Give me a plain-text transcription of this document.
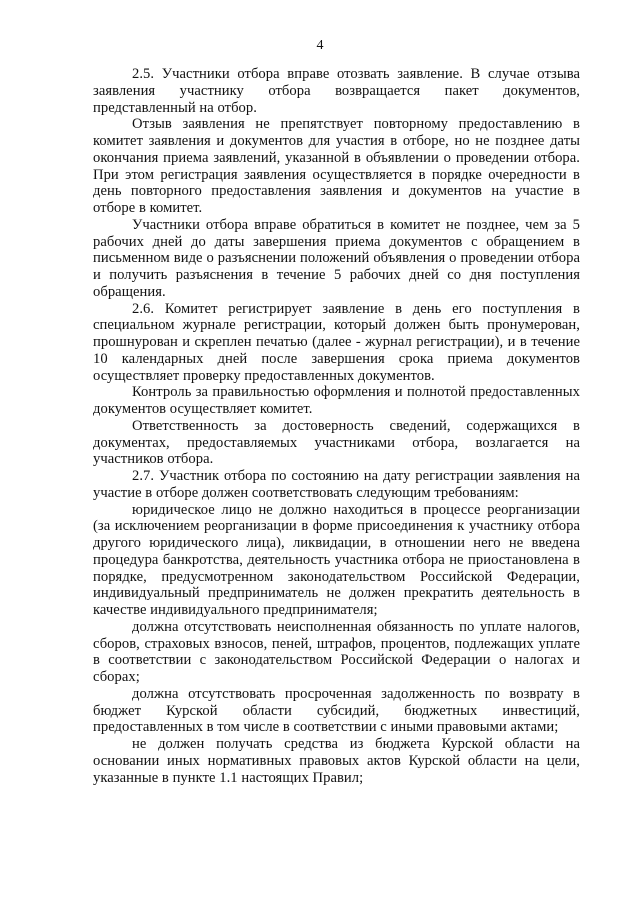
4

2.5. Участники отбора вправе отозвать заявление. В случае отзыва заявления участнику отбора возвращается пакет документов, представленный на отбор.

Отзыв заявления не препятствует повторному предоставлению в комитет заявления и документов для участия в отборе, но не позднее даты окончания приема заявлений, указанной в объявлении о проведении отбора. При этом регистрация заявления осуществляется в порядке очередности в день повторного предоставления заявления и документов на участие в отборе в комитет.

Участники отбора вправе обратиться в комитет не позднее, чем за 5 рабочих дней до даты завершения приема документов с обращением в письменном виде о разъяснении положений объявления о проведении отбора и получить разъяснения в течение 5 рабочих дней со дня поступления обращения.

2.6. Комитет регистрирует заявление в день его поступления в специальном журнале регистрации, который должен быть пронумерован, прошнурован и скреплен печатью (далее - журнал регистрации), и в течение 10 календарных дней после завершения срока приема документов осуществляет проверку предоставленных документов.

Контроль за правильностью оформления и полнотой предоставленных документов осуществляет комитет.

Ответственность за достоверность сведений, содержащихся в документах, предоставляемых участниками отбора, возлагается на участников отбора.

2.7. Участник отбора по состоянию на дату регистрации заявления на участие в отборе должен соответствовать следующим требованиям:

юридическое лицо не должно находиться в процессе реорганизации (за исключением реорганизации в форме присоединения к участнику отбора другого юридического лица), ликвидации, в отношении него не введена процедура банкротства, деятельность участника отбора не приостановлена в порядке, предусмотренном законодательством Российской Федерации, индивидуальный предприниматель не должен прекратить деятельность в качестве индивидуального предпринимателя;

должна отсутствовать неисполненная обязанность по уплате налогов, сборов, страховых взносов, пеней, штрафов, процентов, подлежащих уплате в соответствии с законодательством Российской Федерации о налогах и сборах;

должна отсутствовать просроченная задолженность по возврату в бюджет Курской области субсидий, бюджетных инвестиций, предоставленных в том числе в соответствии с иными правовыми актами;

не должен получать средства из бюджета Курской области на основании иных нормативных правовых актов Курской области на цели, указанные в пункте 1.1 настоящих Правил;
